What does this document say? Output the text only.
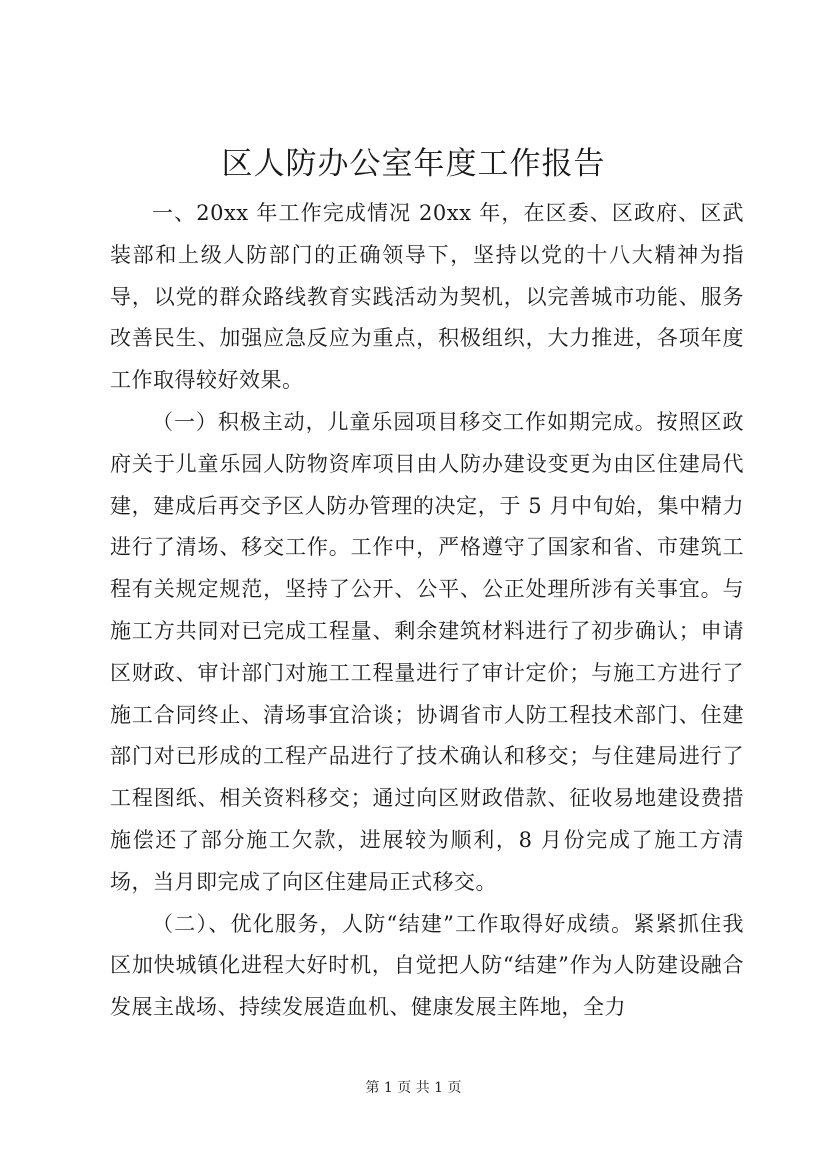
区人防办公室年度工作报告

一、20xx 年工作完成情况 20xx 年，在区委、区政府、区武装部和上级人防部门的正确领导下，坚持以党的十八大精神为指导，以党的群众路线教育实践活动为契机，以完善城市功能、服务改善民生、加强应急反应为重点，积极组织，大力推进，各项年度工作取得较好效果。

（一）积极主动，儿童乐园项目移交工作如期完成。按照区政府关于儿童乐园人防物资库项目由人防办建设变更为由区住建局代建，建成后再交予区人防办管理的决定，于 5 月中旬始，集中精力进行了清场、移交工作。工作中，严格遵守了国家和省、市建筑工程有关规定规范，坚持了公开、公平、公正处理所涉有关事宜。与施工方共同对已完成工程量、剩余建筑材料进行了初步确认；申请区财政、审计部门对施工工程量进行了审计定价；与施工方进行了施工合同终止、清场事宜洽谈；协调省市人防工程技术部门、住建部门对已形成的工程产品进行了技术确认和移交；与住建局进行了工程图纸、相关资料移交；通过向区财政借款、征收易地建设费措施偿还了部分施工欠款，进展较为顺利，8 月份完成了施工方清场，当月即完成了向区住建局正式移交。

（二）、优化服务，人防“结建”工作取得好成绩。紧紧抓住我区加快城镇化进程大好时机，自觉把人防“结建”作为人防建设融合发展主战场、持续发展造血机、健康发展主阵地，全力

第 1 页 共 1 页
